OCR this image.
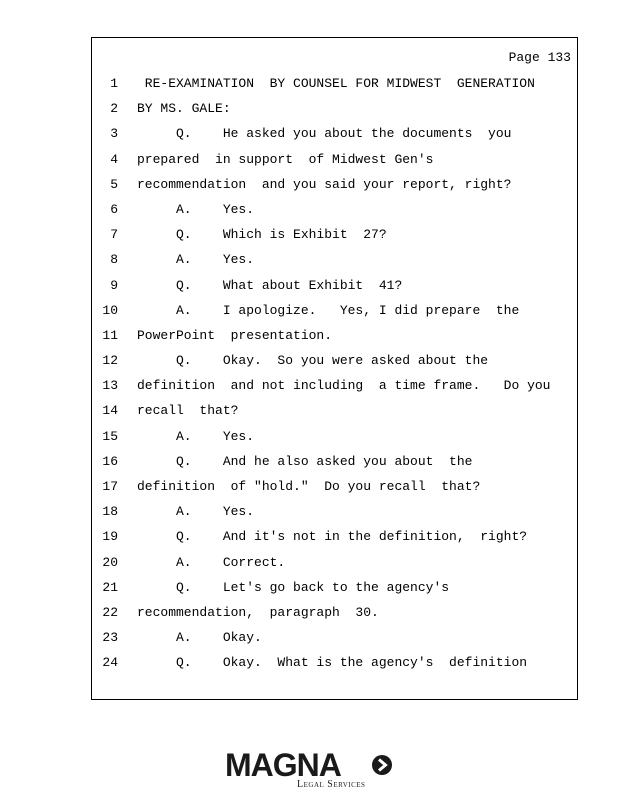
Page 133
1 RE-EXAMINATION  BY COUNSEL FOR MIDWEST  GENERATION
2 BY MS. GALE:
3 Q.    He asked you about the documents  you
4 prepared  in support  of Midwest Gen's
5 recommendation  and you said your report, right?
6 A.    Yes.
7 Q.    Which is Exhibit  27?
8 A.    Yes.
9 Q.    What about Exhibit  41?
10 A.    I apologize.   Yes, I did prepare  the
11 PowerPoint  presentation.
12 Q.    Okay.  So you were asked about the
13 definition  and not including  a time frame.   Do you
14 recall  that?
15 A.    Yes.
16 Q.    And he also asked you about  the
17 definition  of "hold."  Do you recall  that?
18 A.    Yes.
19 Q.    And it's not in the definition,  right?
20 A.    Correct.
21 Q.    Let's go back to the agency's
22 recommendation,  paragraph  30.
23 A.    Okay.
24 Q.    Okay.  What is the agency's  definition
MAGNA
Legal Services
